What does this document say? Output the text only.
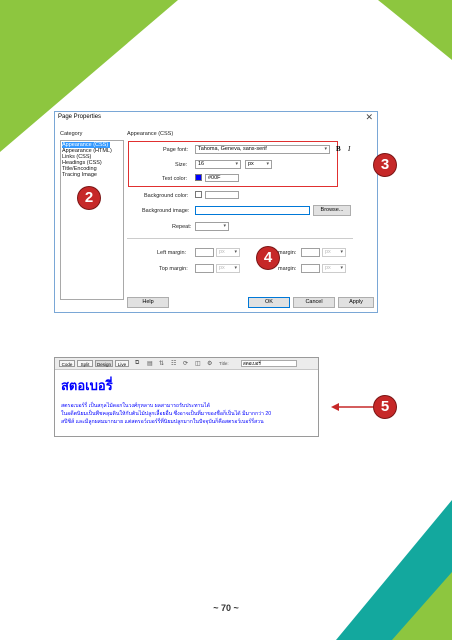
Page Properties	✕
Category	Appearance (CSS)
Appearance (CSS)
Appearance (HTML)
Links (CSS)
Headings (CSS)
Title/Encoding
Tracing Image
Page font:	Tahoma, Geneva, sans-serif	▾ B I
Size:	16	▾	px	▾
Text color:	#00F
Background color:
Background image:	Browse...
Repeat:	▾
Left margin:	px ▾	margin:	px ▾
Top margin:	px ▾	margin:	px ▾
Help	OK	Cancel	Apply
2
3
4
5
Code	Split	Design	Live	⧉ ▤ ⇅ ☷ ⟳ ◫ ⚙ Title:	สตอเบอรี่
สตอเบอรี่
สตรอเบอร์รี่ เป็นสกุลไม้ดอกในวงศ์กุหลาบ ผลสามารถรับประทานได้
ในอดีตนิยมเป็นพืชคลุมดินให้กับต้นไม้ปลูกเลื้อยอื่น ซึ่งอาจเป็นที่มาของชื่อก็เป็นได้ มีมากกว่า 20
สปีชีส์ และมีลูกผสมมากมาย แต่สตรอว์เบอร์รี่ที่นิยมปลูกมากในปัจจุบันก็คือสตรอว์เบอร์รี่สวน
~ 70 ~
